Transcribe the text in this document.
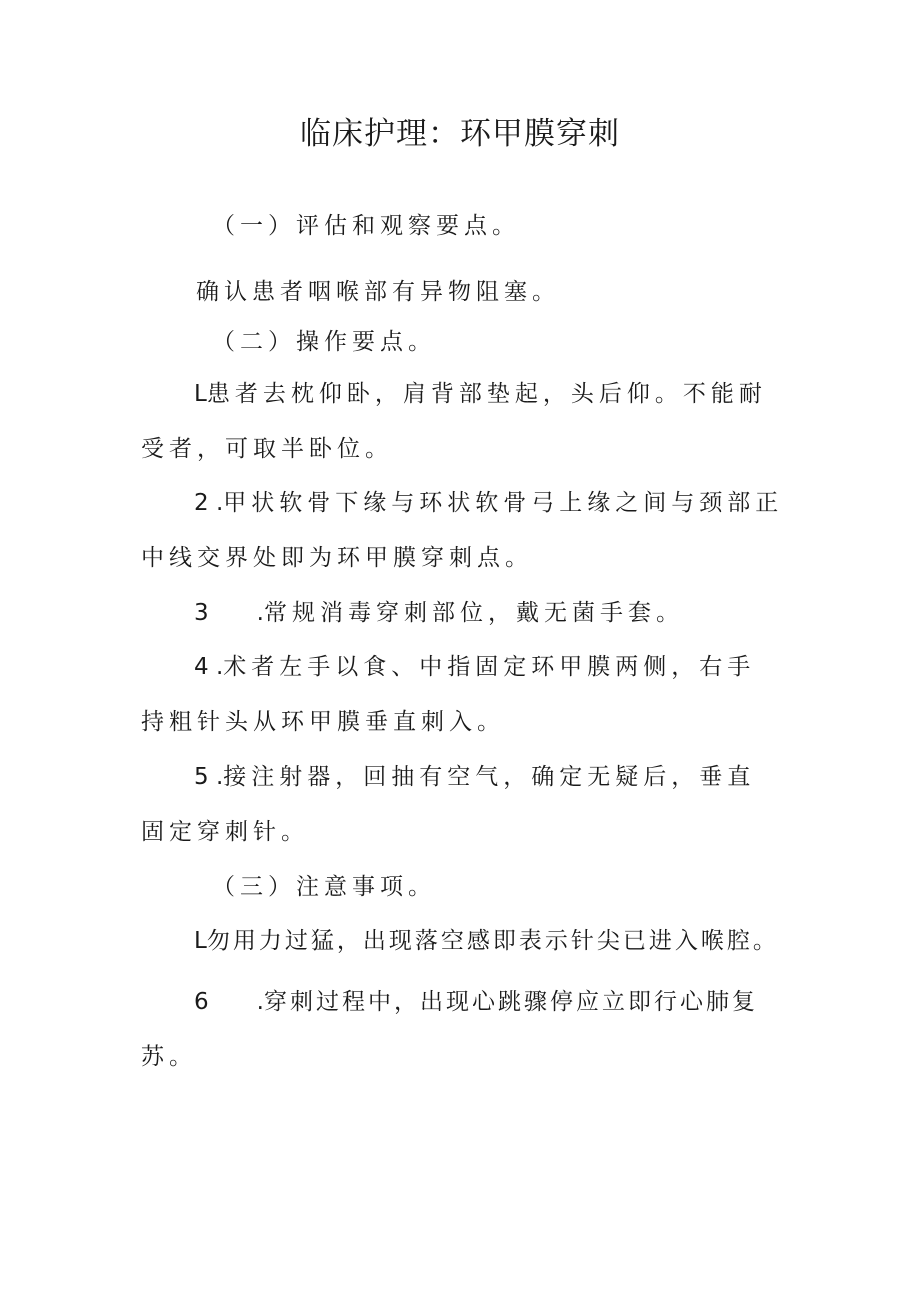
临床护理：环甲膜穿刺

（一）评估和观察要点。

确认患者咽喉部有异物阻塞。

（二）操作要点。

L患者去枕仰卧，肩背部垫起，头后仰。不能耐

受者，可取半卧位。

2 .甲状软骨下缘与环状软骨弓上缘之间与颈部正

中线交界处即为环甲膜穿刺点。

3 .常规消毒穿刺部位，戴无菌手套。

4 .术者左手以食、中指固定环甲膜两侧，右手

持粗针头从环甲膜垂直刺入。

5 .接注射器，回抽有空气，确定无疑后，垂直

固定穿刺针。

（三）注意事项。

L勿用力过猛，出现落空感即表示针尖已进入喉腔。

6 .穿刺过程中，出现心跳骤停应立即行心肺复

苏。
